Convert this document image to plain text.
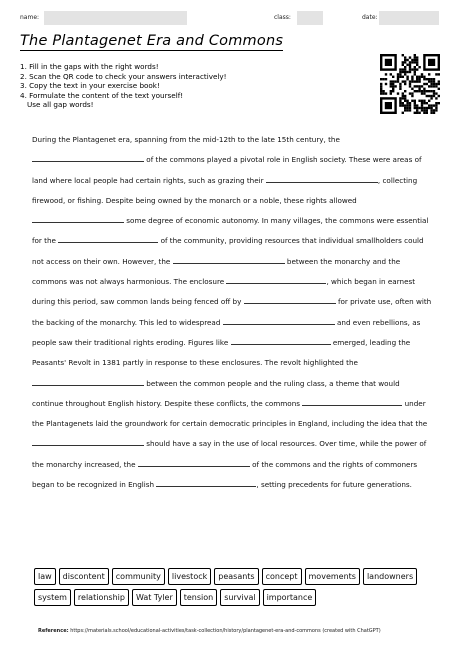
name:	class:	date:
The Plantagenet Era and Commons
1. Fill in the gaps with the right words!
2. Scan the QR code to check your answers interactively!
3. Copy the text in your exercise book!
4. Formulate the content of the text yourself!
Use all gap words!

During the Plantagenet era, spanning from the mid-12th to the late 15th century, the  of the commons played a pivotal role in English society. These were areas of land where local people had certain rights, such as grazing their	, collecting firewood, or fishing. Despite being owned by the monarch or a noble, these rights allowed  some degree of economic autonomy. In many villages, the commons were essential for the	of the community, providing resources that individual smallholders could not access on their own. However, the	between the monarchy and the commons was not always harmonious. The enclosure	, which began in earnest during this period, saw common lands being fenced off by	for private use, often with the backing of the monarchy. This led to widespread	and even rebellions, as people saw their traditional rights eroding. Figures like	emerged, leading the Peasants' Revolt in 1381 partly in response to these enclosures. The revolt highlighted the  between the common people and the ruling class, a theme that would continue throughout English history. Despite these conflicts, the commons	under the Plantagenets laid the groundwork for certain democratic principles in England, including the idea that the  should have a say in the use of local resources. Over time, while the power of the monarchy increased, the	of the commons and the rights of commoners began to be recognized in English	, setting precedents for future generations.

law	discontent	community	livestock	peasants	concept	movements	landowners
system	relationship	Wat Tyler	tension	survival	importance
Reference: https://materials.school/educational-activities/task-collection/history/plantagenet-era-and-commons (created with ChatGPT)
